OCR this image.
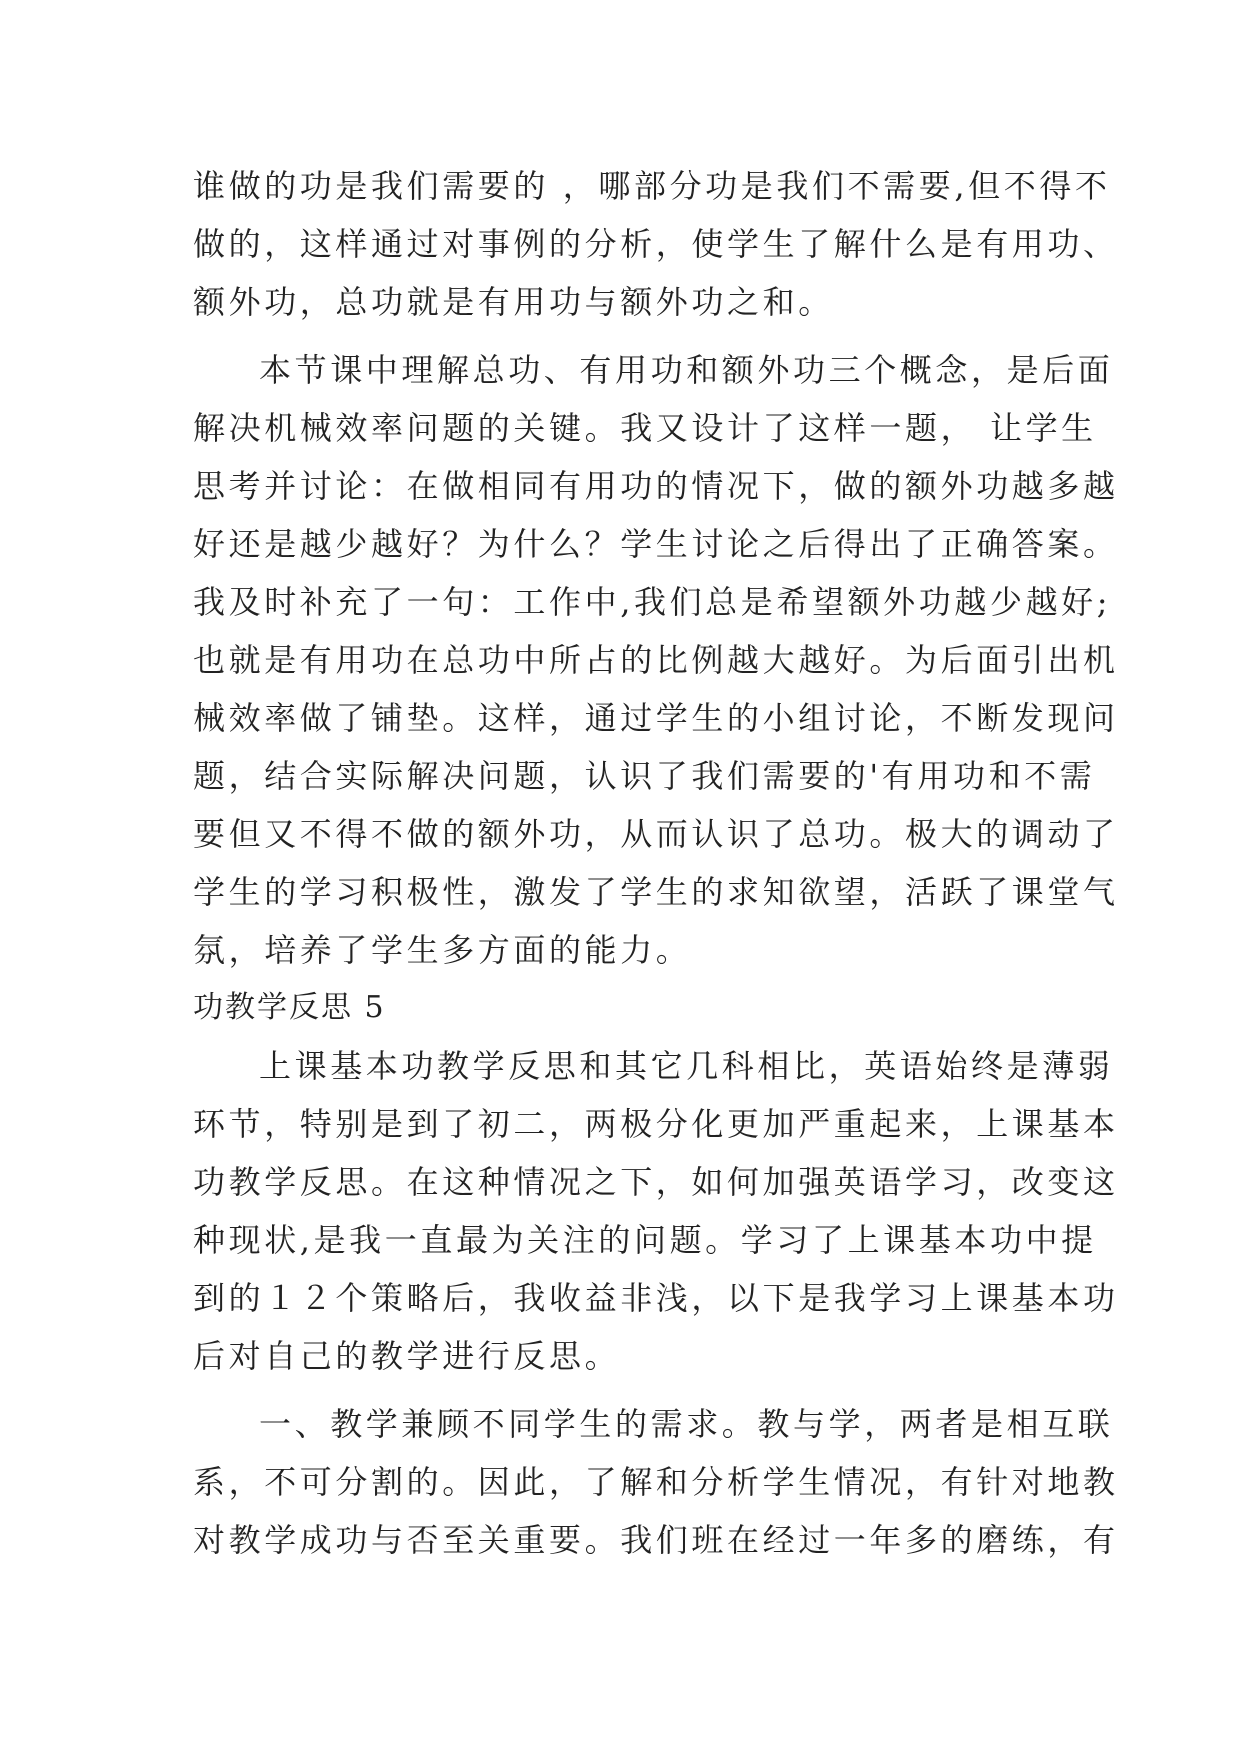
谁做的功是我们需要的 ，哪部分功是我们不需要,但不得不
做的，这样通过对事例的分析，使学生了解什么是有用功、
额外功，总功就是有用功与额外功之和。
本节课中理解总功、有用功和额外功三个概念，是后面
解决机械效率问题的关键。我又设计了这样一题， 让学生
思考并讨论：在做相同有用功的情况下，做的额外功越多越
好还是越少越好？为什么？学生讨论之后得出了正确答案。
我及时补充了一句：工作中,我们总是希望额外功越少越好;
也就是有用功在总功中所占的比例越大越好。为后面引出机
械效率做了铺垫。这样，通过学生的小组讨论，不断发现问
题，结合实际解决问题，认识了我们需要的'有用功和不需
要但又不得不做的额外功，从而认识了总功。极大的调动了
学生的学习积极性，激发了学生的求知欲望，活跃了课堂气
氛，培养了学生多方面的能力。
功教学反思 5
上课基本功教学反思和其它几科相比，英语始终是薄弱
环节，特别是到了初二，两极分化更加严重起来，上课基本
功教学反思。在这种情况之下，如何加强英语学习，改变这
种现状,是我一直最为关注的问题。学习了上课基本功中提
到的１２个策略后，我收益非浅，以下是我学习上课基本功
后对自己的教学进行反思。
一、教学兼顾不同学生的需求。教与学，两者是相互联
系，不可分割的。因此，了解和分析学生情况，有针对地教
对教学成功与否至关重要。我们班在经过一年多的磨练，有
